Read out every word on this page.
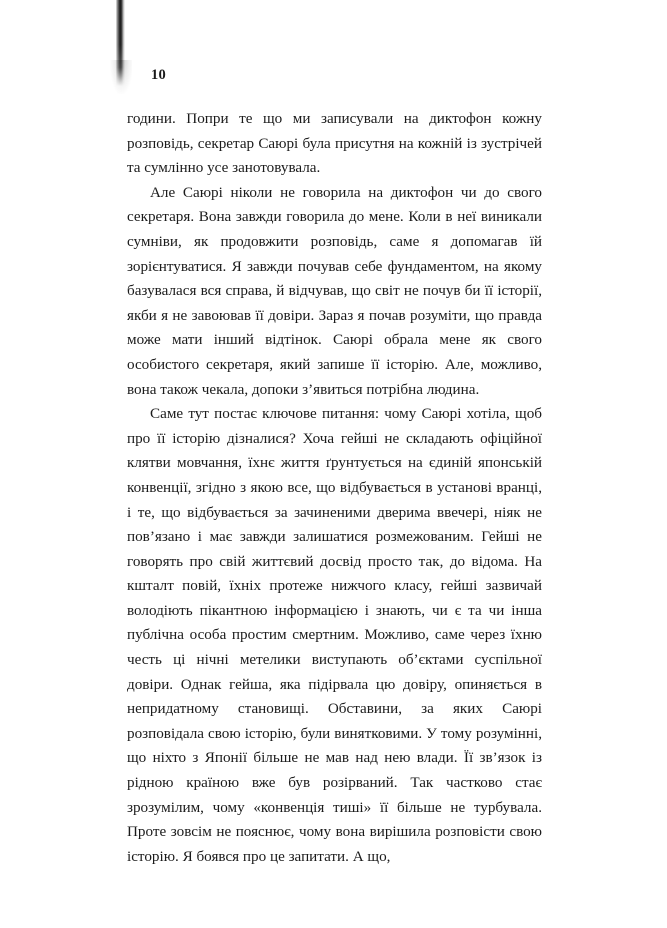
10

години. Попри те що ми записували на диктофон кожну розповідь, секретар Саюрі була присутня на кожній із зустрічей та сумлінно усе занотовувала.

Але Саюрі ніколи не говорила на диктофон чи до свого секретаря. Вона завжди говорила до мене. Коли в неї виникали сумніви, як продовжити розповідь, саме я допомагав їй зорієнтуватися. Я завжди почував себе фундаментом, на якому базувалася вся справа, й відчував, що світ не почув би її історії, якби я не завоював її довіри. Зараз я почав розуміти, що правда може мати інший відтінок. Саюрі обрала мене як свого особистого секретаря, який запише її історію. Але, можливо, вона також чекала, допоки з’явиться потрібна людина.

Саме тут постає ключове питання: чому Саюрі хотіла, щоб про її історію дізналися? Хоча гейші не складають офіційної клятви мовчання, їхнє життя ґрунтується на єдиній японській конвенції, згідно з якою все, що відбувається в установі вранці, і те, що відбувається за зачиненими дверима ввечері, ніяк не пов’язано і має завжди залишатися розмежованим. Гейші не говорять про свій життєвий досвід просто так, до відома. На кшталт повій, їхніх протеже нижчого класу, гейші зазвичай володіють пікантною інформацією і знають, чи є та чи інша публічна особа простим смертним. Можливо, саме через їхню честь ці нічні метелики виступають об’єктами суспільної довіри. Однак гейша, яка підірвала цю довіру, опиняється в непридатному становищі. Обставини, за яких Саюрі розповідала свою історію, були винятковими. У тому розумінні, що ніхто з Японії більше не мав над нею влади. Її зв’язок із рідною країною вже був розірваний. Так частково стає зрозумілим, чому «конвенція тиші» її більше не турбувала. Проте зовсім не пояснює, чому вона вирішила розповісти свою історію. Я боявся про це запитати. А що,
